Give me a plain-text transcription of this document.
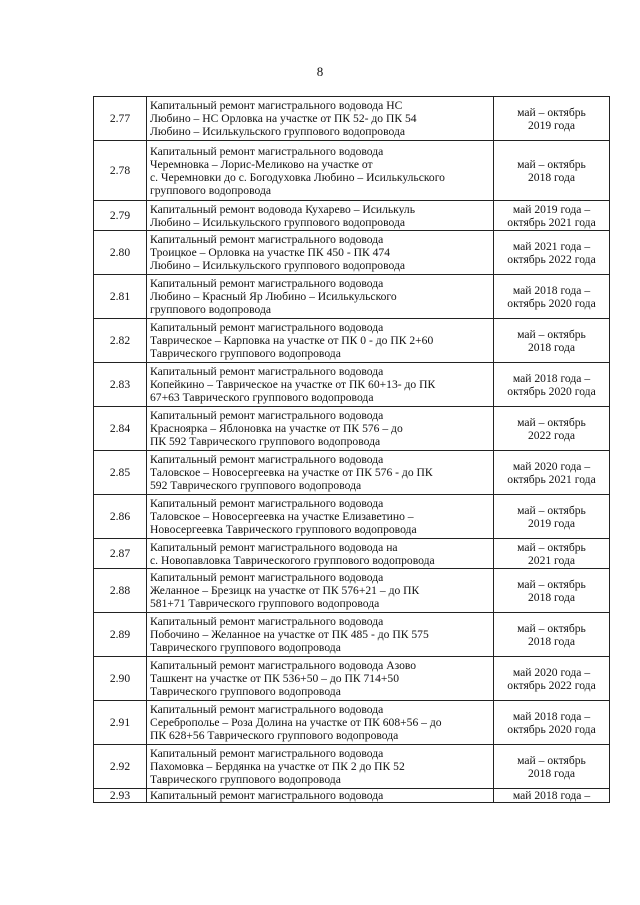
8
2.77	Капитальный ремонт магистрального водовода НС
Любино – НС Орловка на участке от ПК 52- до ПК 54
Любино – Исилькульского группового водопровода	май – октябрь
2019 года

2.78	Капитальный ремонт магистрального водовода
Черемновка – Лорис-Меликово на участке от
с. Черемновки до с. Богодуховка Любино – Исилькульского
группового водопровода	май – октябрь
2018 года

2.79	Капитальный ремонт водовода Кухарево – Исилькуль
Любино – Исилькульского группового водопровода	май 2019 года –
октябрь 2021 года

2.80	Капитальный ремонт магистрального водовода
Троицкое – Орловка на участке ПК 450 - ПК 474
Любино – Исилькульского группового водопровода	май 2021 года –
октябрь 2022 года

2.81	Капитальный ремонт магистрального водовода
Любино – Красный Яр Любино – Исилькульского
группового водопровода	май 2018 года –
октябрь 2020 года

2.82	Капитальный ремонт магистрального водовода
Таврическое – Карповка на участке от ПК 0 - до ПК 2+60
Таврического группового водопровода	май – октябрь
2018 года

2.83	Капитальный ремонт магистрального водовода
Копейкино – Таврическое на участке от ПК 60+13- до ПК
67+63 Таврического группового водопровода	май 2018 года –
октябрь 2020 года

2.84	Капитальный ремонт магистрального водовода
Красноярка – Яблоновка на участке от ПК 576 – до
ПК 592 Таврического группового водопровода	май – октябрь
2022 года

2.85	Капитальный ремонт магистрального водовода
Таловское – Новосергеевка на участке от ПК 576 - до ПК
592 Таврического группового водопровода	май 2020 года –
октябрь 2021 года

2.86	Капитальный ремонт магистрального водовода
Таловское – Новосергеевка на участке Елизаветино –
Новосергеевка Таврического группового водопровода	май – октябрь
2019 года

2.87	Капитальный ремонт магистрального водовода на
с. Новопавловка Таврическогого группового водопровода	май – октябрь
2021 года

2.88	Капитальный ремонт магистрального водовода
Желанное – Брезицк на участке от ПК 576+21 – до ПК
581+71 Таврического группового водопровода	май – октябрь
2018 года

2.89	Капитальный ремонт магистрального водовода
Побочино – Желанное на участке от ПК 485 - до ПК 575
Таврического группового водопровода	май – октябрь
2018 года

2.90	Капитальный ремонт магистрального водовода Азово
Ташкент на участке от ПК 536+50 – до ПК 714+50
Таврического группового водопровода	май 2020 года –
октябрь 2022 года

2.91	Капитальный ремонт магистрального водовода
Сереброполье – Роза Долина на участке от ПК 608+56 – до
ПК 628+56 Таврического группового водопровода	май 2018 года –
октябрь 2020 года

2.92	Капитальный ремонт магистрального водовода
Пахомовка – Бердянка на участке от ПК 2 до ПК 52
Таврического группового водопровода	май – октябрь
2018 года

2.93	Капитальный ремонт магистрального водовода	май 2018 года –
